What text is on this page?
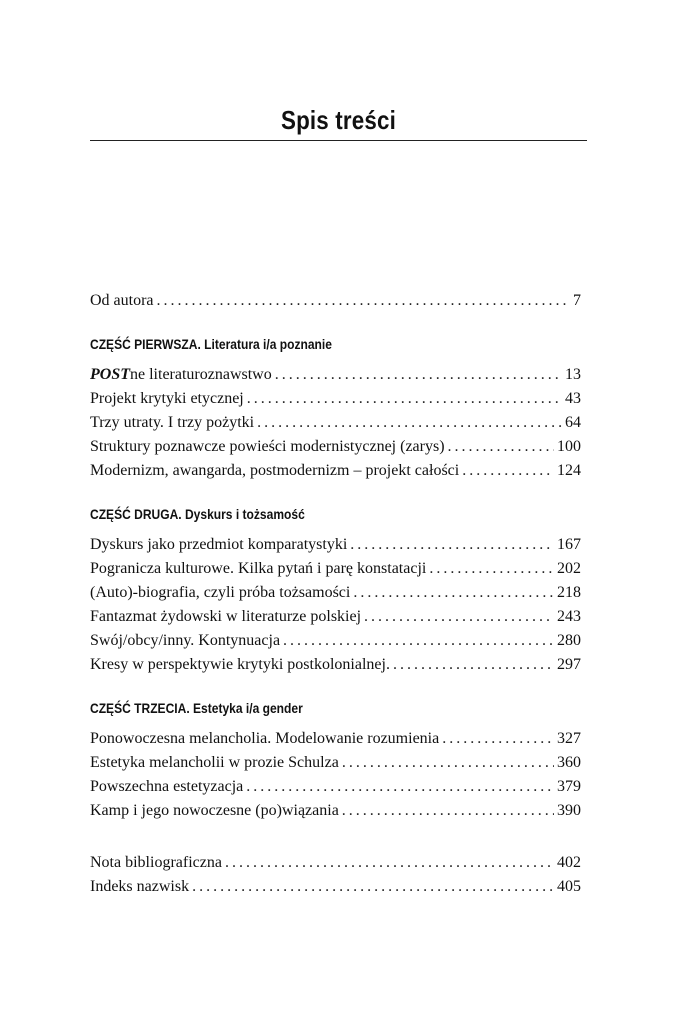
Spis treści
Od autora . . .	7
CZĘŚĆ PIERWSZA. Literatura i/a poznanie
POSTne literaturoznawstwo . . .	13
Projekt krytyki etycznej . . .	43
Trzy utraty. I trzy pożytki . . .	64
Struktury poznawcze powieści modernistycznej (zarys) . . .	100
Modernizm, awangarda, postmodernizm – projekt całości . . .	124
CZĘŚĆ DRUGA. Dyskurs i tożsamość
Dyskurs jako przedmiot komparatystyki . . .	167
Pogranicza kulturowe. Kilka pytań i parę konstatacji . . .	202
(Auto)-biografia, czyli próba tożsamości . . .	218
Fantazmat żydowski w literaturze polskiej . . .	243
Swój/obcy/inny. Kontynuacja . . .	280
Kresy w perspektywie krytyki postkolonialnej. . . .	297
CZĘŚĆ TRZECIA. Estetyka i/a gender
Ponowoczesna melancholia. Modelowanie rozumienia . . .	327
Estetyka melancholii w prozie Schulza . . .	360
Powszechna estetyzacja . . .	379
Kamp i jego nowoczesne (po)wiązania . . .	390
Nota bibliograficzna . . .	402
Indeks nazwisk . . .	405
